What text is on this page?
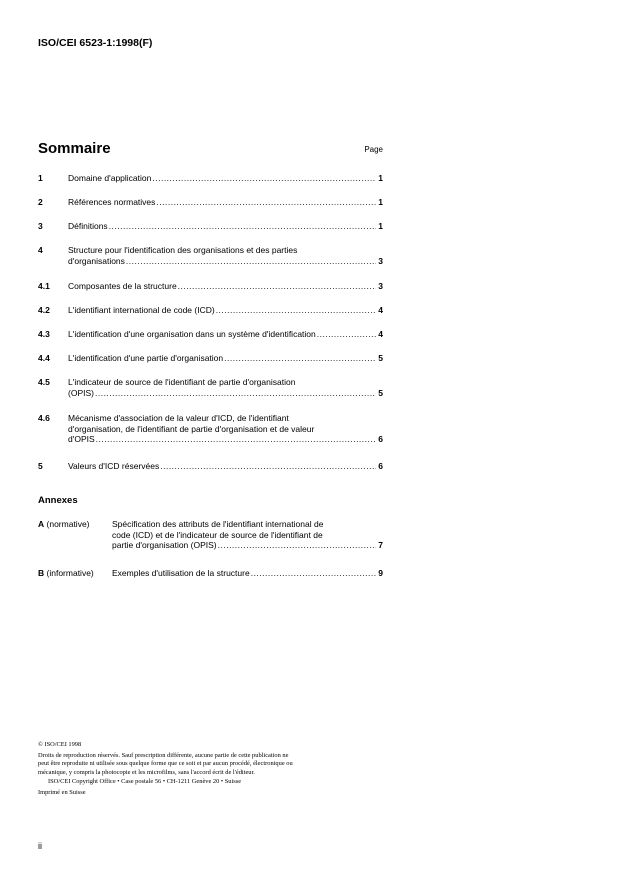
ISO/CEI 6523-1:1998(F)
Sommaire	Page
1	Domaine d'application .....	1
2	Références normatives .....	1
3	Définitions .....	1
4	Structure pour l'identification des organisations et des parties
d'organisations .....	3
4.1 Composantes de la structure .....	3
4.2 L'identifiant international de code (ICD) .....	4
4.3 L'identification d'une organisation dans un système d'identification .....	4
4.4 L'identification d'une partie d'organisation .....	5
4.5 L'indicateur de source de l'identifiant de partie d'organisation
(OPIS) .....	5
4.6 Mécanisme d'association de la valeur d'ICD, de l'identifiant
d'organisation, de l'identifiant de partie d'organisation et de valeur
d'OPIS .....	6
5	Valeurs d'ICD réservées .....	6
Annexes
A (normative)	Spécification des attributs de l'identifiant international de
code (ICD) et de l'indicateur de source de l'identifiant de
partie d'organisation (OPIS) .....	7
B (informative) Exemples d'utilisation de la structure .....	9
© ISO/CEI 1998
Droits de reproduction réservés. Sauf prescription différente, aucune partie de cette publication ne
peut être reproduite ni utilisée sous quelque forme que ce soit et par aucun procédé, électronique ou
mécanique, y compris la photocopie et les microfilms, sans l'accord écrit de l'éditeur.
ISO/CEI Copyright Office • Case postale 56 • CH-1211 Genève 20 • Suisse
Imprimé en Suisse
ii
